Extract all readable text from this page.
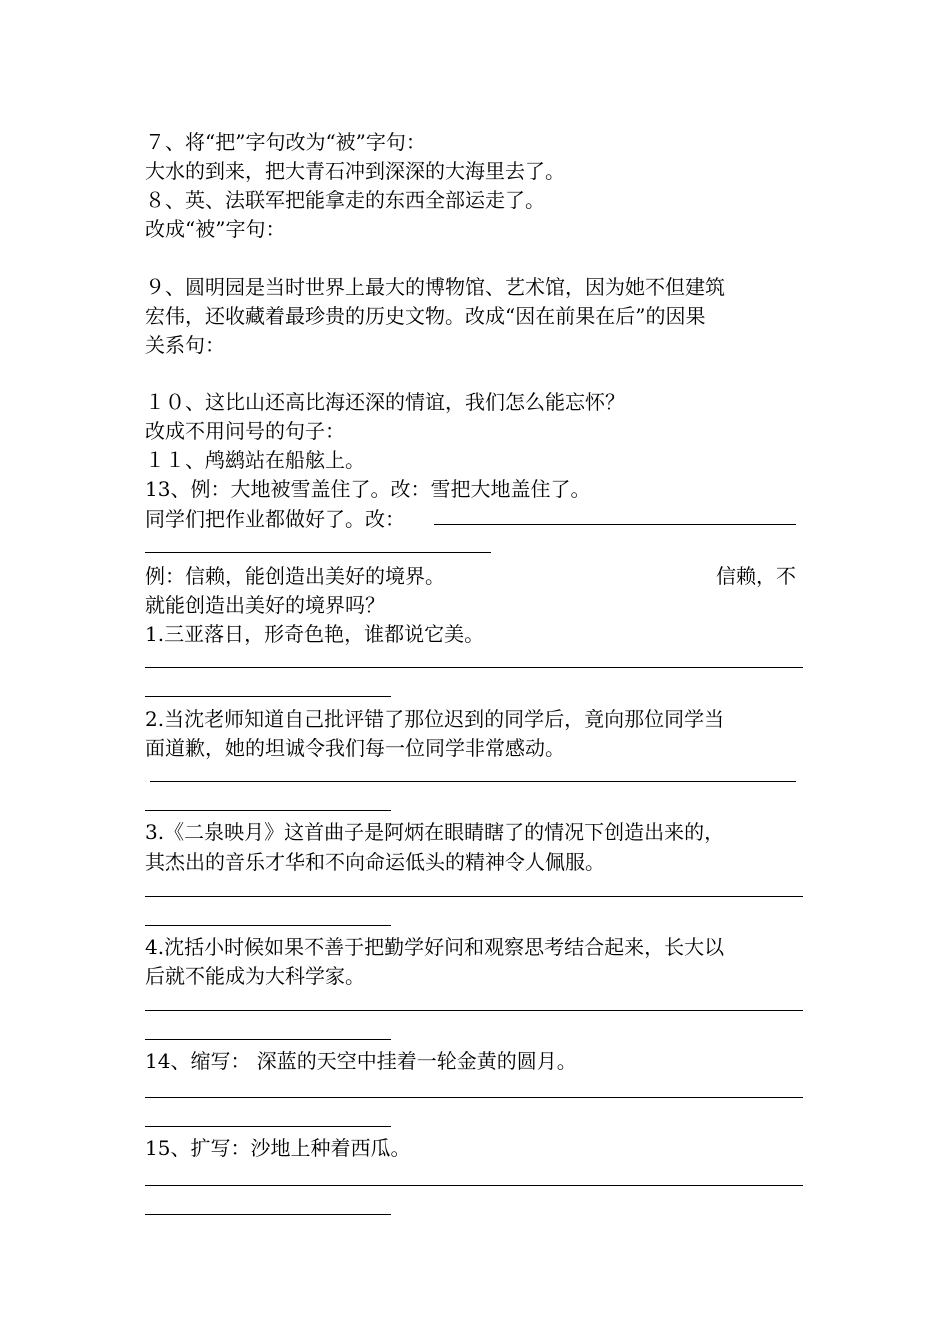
７、将“把”字句改为“被”字句：
大水的到来，把大青石冲到深深的大海里去了。
８、英、法联军把能拿走的东西全部运走了。
改成“被”字句：
９、圆明园是当时世界上最大的博物馆、艺术馆，因为她不但建筑
宏伟，还收藏着最珍贵的历史文物。改成“因在前果在后”的因果
关系句：
１０、这比山还高比海还深的情谊，我们怎么能忘怀？
改成不用问号的句子：
１１、鸬鹚站在船舷上。
13、例：大地被雪盖住了。改：雪把大地盖住了。
同学们把作业都做好了。改：
例：信赖，能创造出美好的境界。	信赖，不
就能创造出美好的境界吗？
1.三亚落日，形奇色艳，谁都说它美。
2.当沈老师知道自己批评错了那位迟到的同学后，竟向那位同学当
面道歉，她的坦诚令我们每一位同学非常感动。
3.《二泉映月》这首曲子是阿炳在眼睛瞎了的情况下创造出来的，
其杰出的音乐才华和不向命运低头的精神令人佩服。
4.沈括小时候如果不善于把勤学好问和观察思考结合起来，长大以
后就不能成为大科学家。
14、缩写： 深蓝的天空中挂着一轮金黄的圆月。
15、扩写：沙地上种着西瓜。
